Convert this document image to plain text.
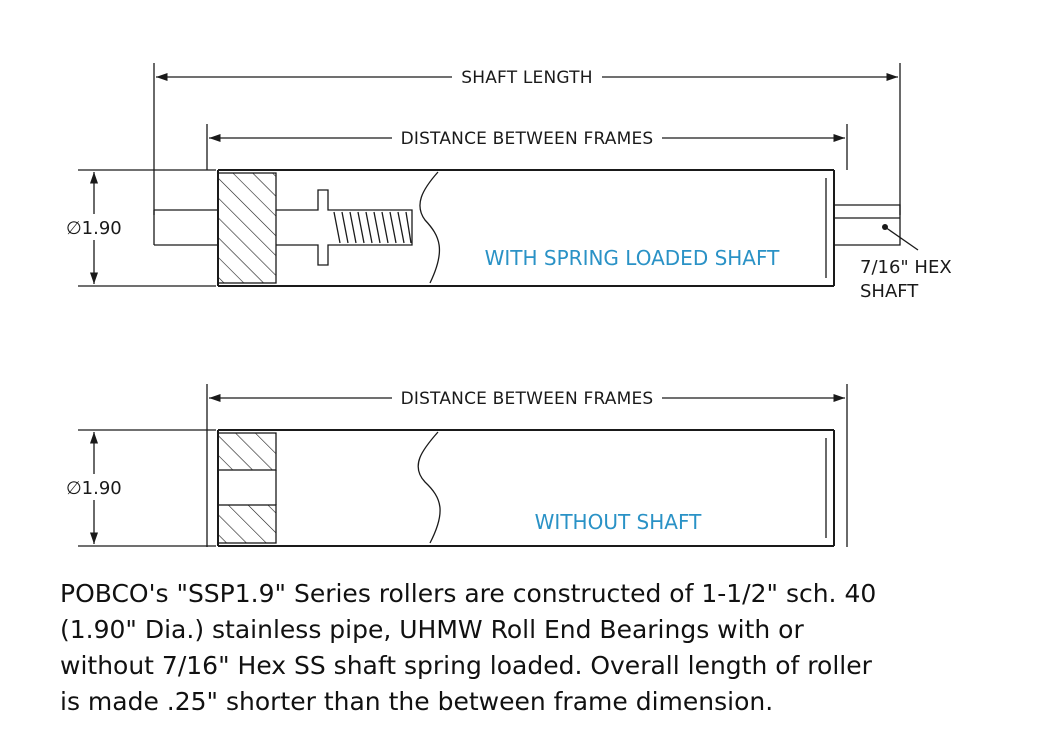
SHAFT LENGTH
DISTANCE BETWEEN FRAMES
∅1.90
7/16" HEX
SHAFT
WITH SPRING LOADED SHAFT
DISTANCE BETWEEN FRAMES
∅1.90
WITHOUT SHAFT
POBCO's "SSP1.9" Series rollers are constructed of 1-1/2" sch. 40
(1.90" Dia.) stainless pipe, UHMW Roll End Bearings with or
without 7/16" Hex SS shaft spring loaded. Overall length of roller
is made .25" shorter than the between frame dimension.
